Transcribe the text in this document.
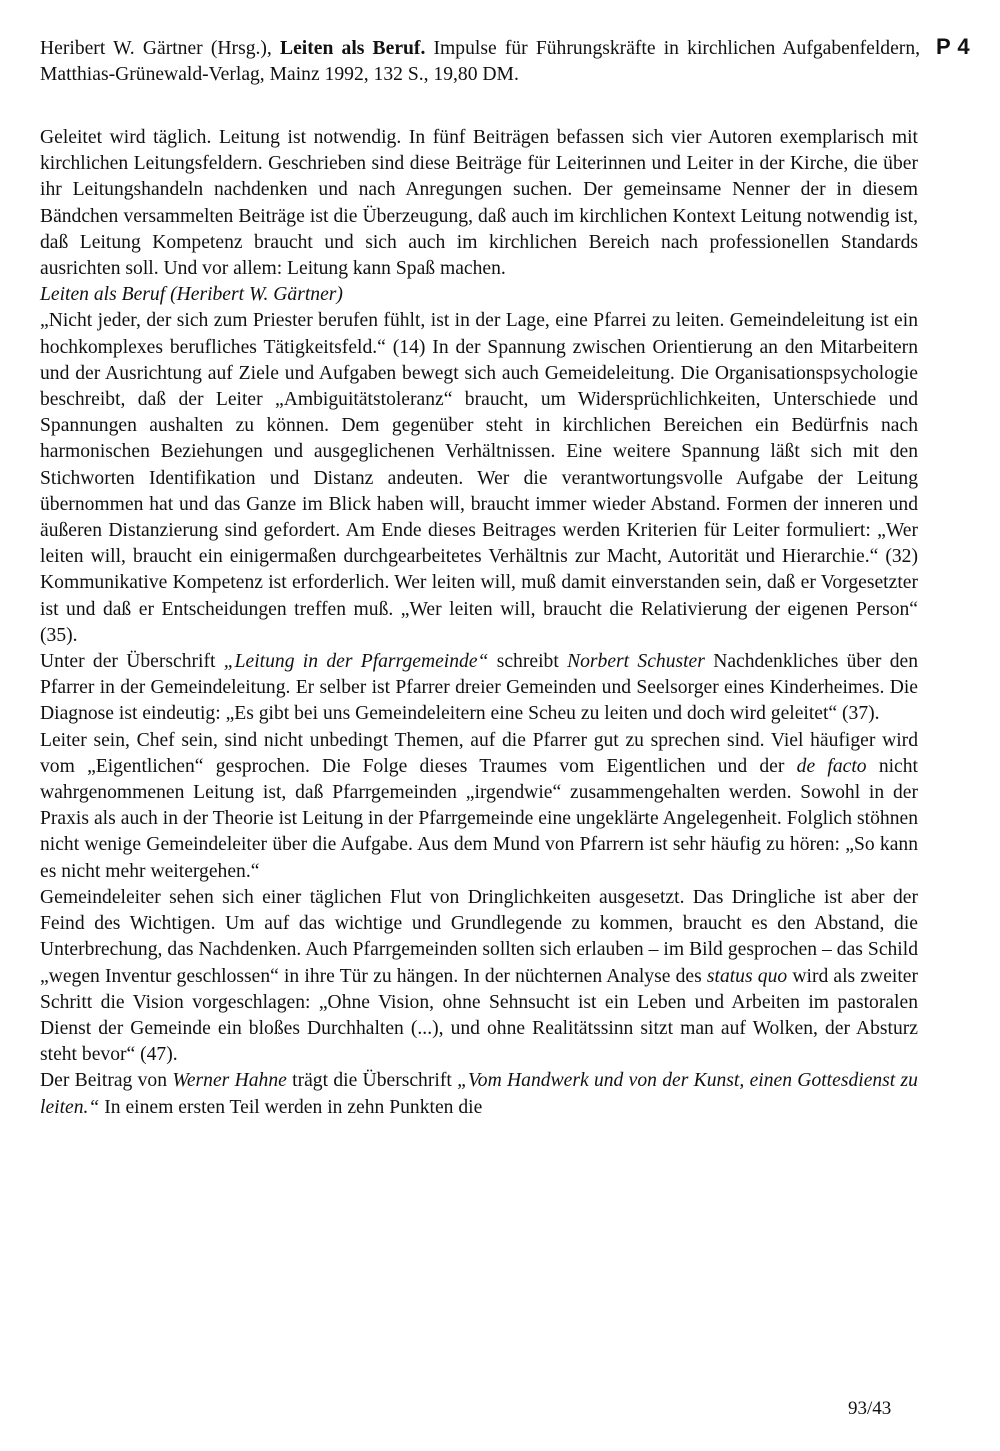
Heribert W. Gärtner (Hrsg.), Leiten als Beruf. Impulse für Führungskräfte in kirchlichen Aufgabenfeldern, Matthias-Grünewald-Verlag, Mainz 1992, 132 S., 19,80 DM.
P 4

Geleitet wird täglich. Leitung ist notwendig. In fünf Beiträgen befassen sich vier Autoren exemplarisch mit kirchlichen Leitungsfeldern. Geschrieben sind diese Beiträge für Leiterinnen und Leiter in der Kirche, die über ihr Leitungshandeln nachdenken und nach Anregungen suchen. Der gemeinsame Nenner der in diesem Bändchen versammelten Beiträge ist die Überzeugung, daß auch im kirchlichen Kontext Leitung notwendig ist, daß Leitung Kompetenz braucht und sich auch im kirchlichen Bereich nach professionellen Standards ausrichten soll. Und vor allem: Leitung kann Spaß machen.

Leiten als Beruf (Heribert W. Gärtner)

„Nicht jeder, der sich zum Priester berufen fühlt, ist in der Lage, eine Pfarrei zu leiten. Gemeindeleitung ist ein hochkomplexes berufliches Tätigkeitsfeld.“ (14) In der Spannung zwischen Orientierung an den Mitarbeitern und der Ausrichtung auf Ziele und Aufgaben bewegt sich auch Gemeideleitung. Die Organisationspsychologie beschreibt, daß der Leiter „Ambiguitätstoleranz“ braucht, um Widersprüchlichkeiten, Unterschiede und Spannungen aushalten zu können. Dem gegenüber steht in kirchlichen Bereichen ein Bedürfnis nach harmonischen Beziehungen und ausgeglichenen Verhältnissen. Eine weitere Spannung läßt sich mit den Stichworten Identifikation und Distanz andeuten. Wer die verantwortungsvolle Aufgabe der Leitung übernommen hat und das Ganze im Blick haben will, braucht immer wieder Abstand. Formen der inneren und äußeren Distanzierung sind gefordert. Am Ende dieses Beitrages werden Kriterien für Leiter formuliert: „Wer leiten will, braucht ein einigermaßen durchgearbeitetes Verhältnis zur Macht, Autorität und Hierarchie.“ (32) Kommunikative Kompetenz ist erforderlich. Wer leiten will, muß damit einverstanden sein, daß er Vorgesetzter ist und daß er Entscheidungen treffen muß. „Wer leiten will, braucht die Relativierung der eigenen Person“ (35).

Unter der Überschrift „Leitung in der Pfarrgemeinde“ schreibt Norbert Schuster Nachdenkliches über den Pfarrer in der Gemeindeleitung. Er selber ist Pfarrer dreier Gemeinden und Seelsorger eines Kinderheimes. Die Diagnose ist eindeutig: „Es gibt bei uns Gemeindeleitern eine Scheu zu leiten und doch wird geleitet“ (37).

Leiter sein, Chef sein, sind nicht unbedingt Themen, auf die Pfarrer gut zu sprechen sind. Viel häufiger wird vom „Eigentlichen“ gesprochen. Die Folge dieses Traumes vom Eigentlichen und der de facto nicht wahrgenommenen Leitung ist, daß Pfarrgemeinden „irgendwie“ zusammengehalten werden. Sowohl in der Praxis als auch in der Theorie ist Leitung in der Pfarrgemeinde eine ungeklärte Angelegenheit. Folglich stöhnen nicht wenige Gemeindeleiter über die Aufgabe. Aus dem Mund von Pfarrern ist sehr häufig zu hören: „So kann es nicht mehr weitergehen.“

Gemeindeleiter sehen sich einer täglichen Flut von Dringlichkeiten ausgesetzt. Das Dringliche ist aber der Feind des Wichtigen. Um auf das wichtige und Grundlegende zu kommen, braucht es den Abstand, die Unterbrechung, das Nachdenken. Auch Pfarrgemeinden sollten sich erlauben – im Bild gesprochen – das Schild „wegen Inventur geschlossen“ in ihre Tür zu hängen. In der nüchternen Analyse des status quo wird als zweiter Schritt die Vision vorgeschlagen: „Ohne Vision, ohne Sehnsucht ist ein Leben und Arbeiten im pastoralen Dienst der Gemeinde ein bloßes Durchhalten (...), und ohne Realitätssinn sitzt man auf Wolken, der Absturz steht bevor“ (47).

Der Beitrag von Werner Hahne trägt die Überschrift „Vom Handwerk und von der Kunst, einen Gottesdienst zu leiten.“ In einem ersten Teil werden in zehn Punkten die

93/43
